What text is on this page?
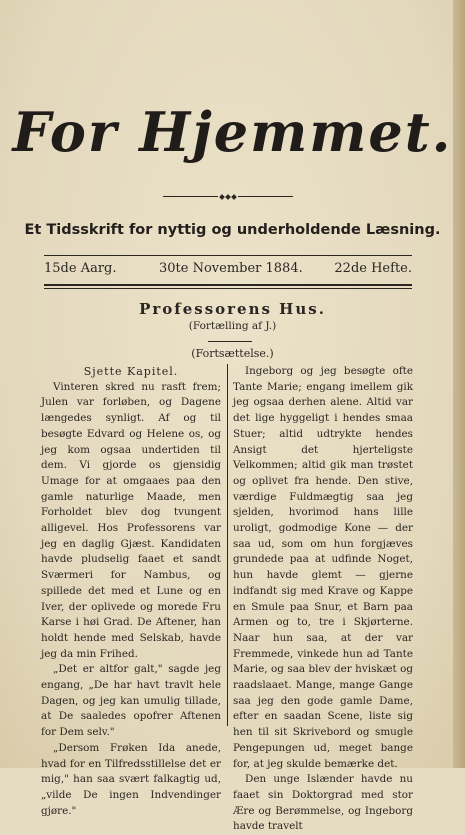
For Hjemmet.
Et Tidsskrift for nyttig og underholdende Læsning.
15de Aarg.	30te November 1884. 22de Hefte.
Professorens Hus.
(Fortælling af J.)
(Fortsættelse.)
Sjette Kapitel.

Vinteren skred nu rasft frem; Julen var forløben, og Dagene længedes synligt. Af og til besøgte Edvard og Helene os, og jeg kom ogsaa undertiden til dem. Vi gjorde os gjensidig Umage for at omgaaes paa den gamle naturlige Maade, men Forholdet blev dog tvungent alligevel. Hos Professorens var jeg en daglig Gjæst. Kandidaten havde pludselig faaet et sandt Sværmeri for Nambus, og spillede det med et Lune og en Iver, der oplivede og morede Fru Karse i høi Grad. De Aftener, han holdt hende med Selskab, havde jeg da min Frihed.

„Det er altfor galt," sagde jeg engang, „De har havt travlt hele Dagen, og jeg kan umulig tillade, at De saaledes opofrer Aftenen for Dem selv."

„Dersom Frøken Ida anede, hvad for en Tilfredsstillelse det er mig," han saa svært falkagtig ud, „vilde De ingen Indvendinger gjøre."

Ingeborg og jeg besøgte ofte Tante Marie; engang imellem gik jeg ogsaa derhen alene. Altid var det lige hyggeligt i hendes smaa Stuer; altid udtrykte hendes Ansigt det hjerteligste Velkommen; altid gik man trøstet og oplivet fra hende. Den stive, værdige Fuldmægtig saa jeg sjelden, hvorimod hans lille uroligt, godmodige Kone — der saa ud, som om hun forgjæves grundede paa at udfinde Noget, hun havde glemt — gjerne indfandt sig med Krave og Kappe en Smule paa Snur, et Barn paa Armen og to, tre i Skjørterne. Naar hun saa, at der var Fremmede, vinkede hun ad Tante Marie, og saa blev der hviskæt og raadslaaet. Mange, mange Gange saa jeg den gode gamle Dame, efter en saadan Scene, liste sig hen til sit Skrivebord og smugle Pengepungen ud, meget bange for, at jeg skulde bemærke det.

Den unge Islænder havde nu faaet sin Doktorgrad med stor Ære og Berømmelse, og Ingeborg havde travelt
